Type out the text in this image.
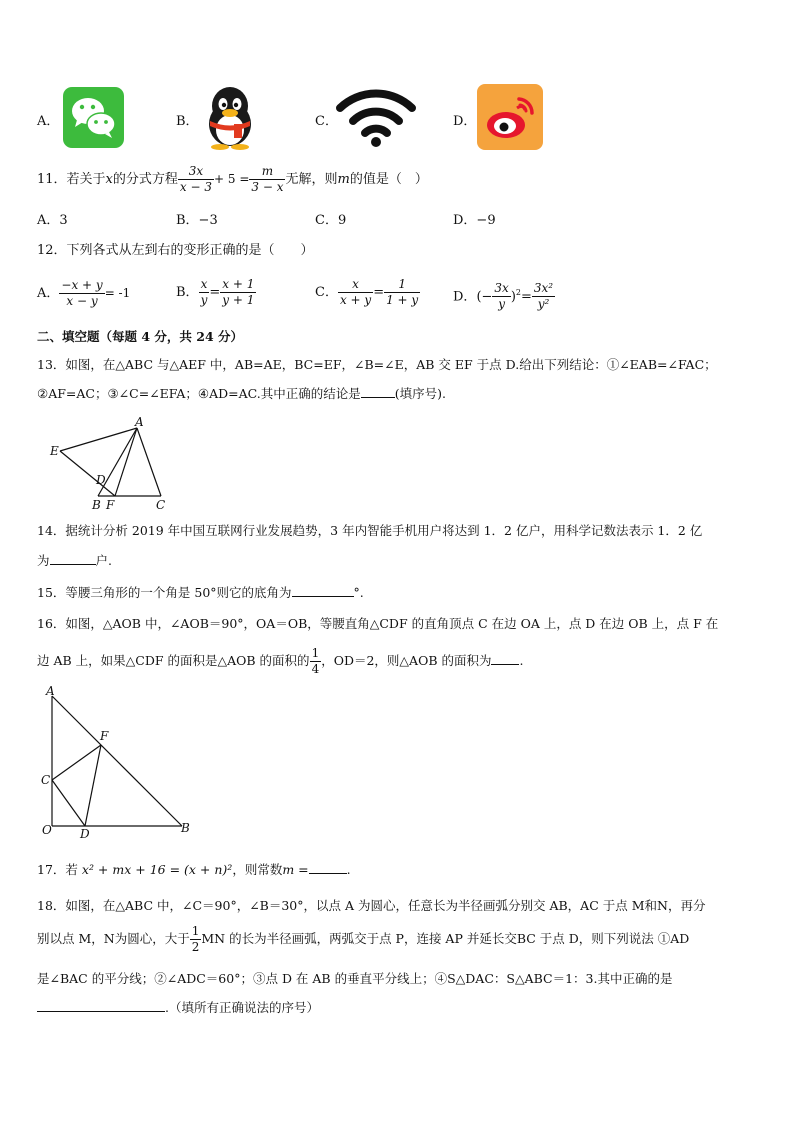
A．	B．	C．	D．
11．若关于x的分式方程 $\frac{3x}{x - 3} + 5 = \frac{m}{3 - x}$ 无解，则m的值是（　）
A．3	B．−3	C．9	D．−9
12．下列各式从左到右的变形正确的是（　　）
A． $\frac{-x + y}{x - y} = -1$	B． $\frac{x}{y} = \frac{x + 1}{y + 1}$	C． $\frac{x}{x + y} = \frac{1}{1 + y}$	D．(− $\frac{3x}{y} )^2= \frac{\text{3x²}}{\text{y²}}$
二、填空题（每题 4 分，共 24 分）
13．如图，在△ABC 与△AEF 中，AB=AE，BC=EF，∠B=∠E，AB 交 EF 于点 D.给出下列结论：①∠EAB=∠FAC；
②AF=AC；③∠C=∠EFA；④AD=AC.其中正确的结论是	(填序号).
A
E
D
B F	C
14．据统计分析 2019 年中国互联网行业发展趋势，3 年内智能手机用户将达到 1．2 亿户，用科学记数法表示 1．2 亿
为	户.
15．等腰三角形的一个角是 50°则它的底角为	°.
16．如图，△AOB 中，∠AOB＝90°，OA＝OB，等腰直角△CDF 的直角顶点 C 在边 OA 上，点 D 在边 OB 上，点 F 在
边 AB 上，如果△CDF 的面积是△AOB 的面积的 $\frac{1}{4}$ ，OD＝2，则△AOB 的面积为 .
A
F
C
O D	B
17．若 x² + mx + 16 = (x + n)²，则常数m =	.
18．如图，在△ABC 中，∠C＝90°，∠B＝30°，以点 A 为圆心，任意长为半径画弧分别交 AB，AC 于点 M和N，再分
别以点 M，N为圆心，大于 $\frac{1}{2}$ MN 的长为半径画弧，两弧交于点 P，连接 AP 并延长交BC 于点 D，则下列说法 ①AD
是∠BAC 的平分线；②∠ADC＝60°；③点 D 在 AB 的垂直平分线上；④S△DAC：S△ABC＝1：3.其中正确的是
.（填所有正确说法的序号）
